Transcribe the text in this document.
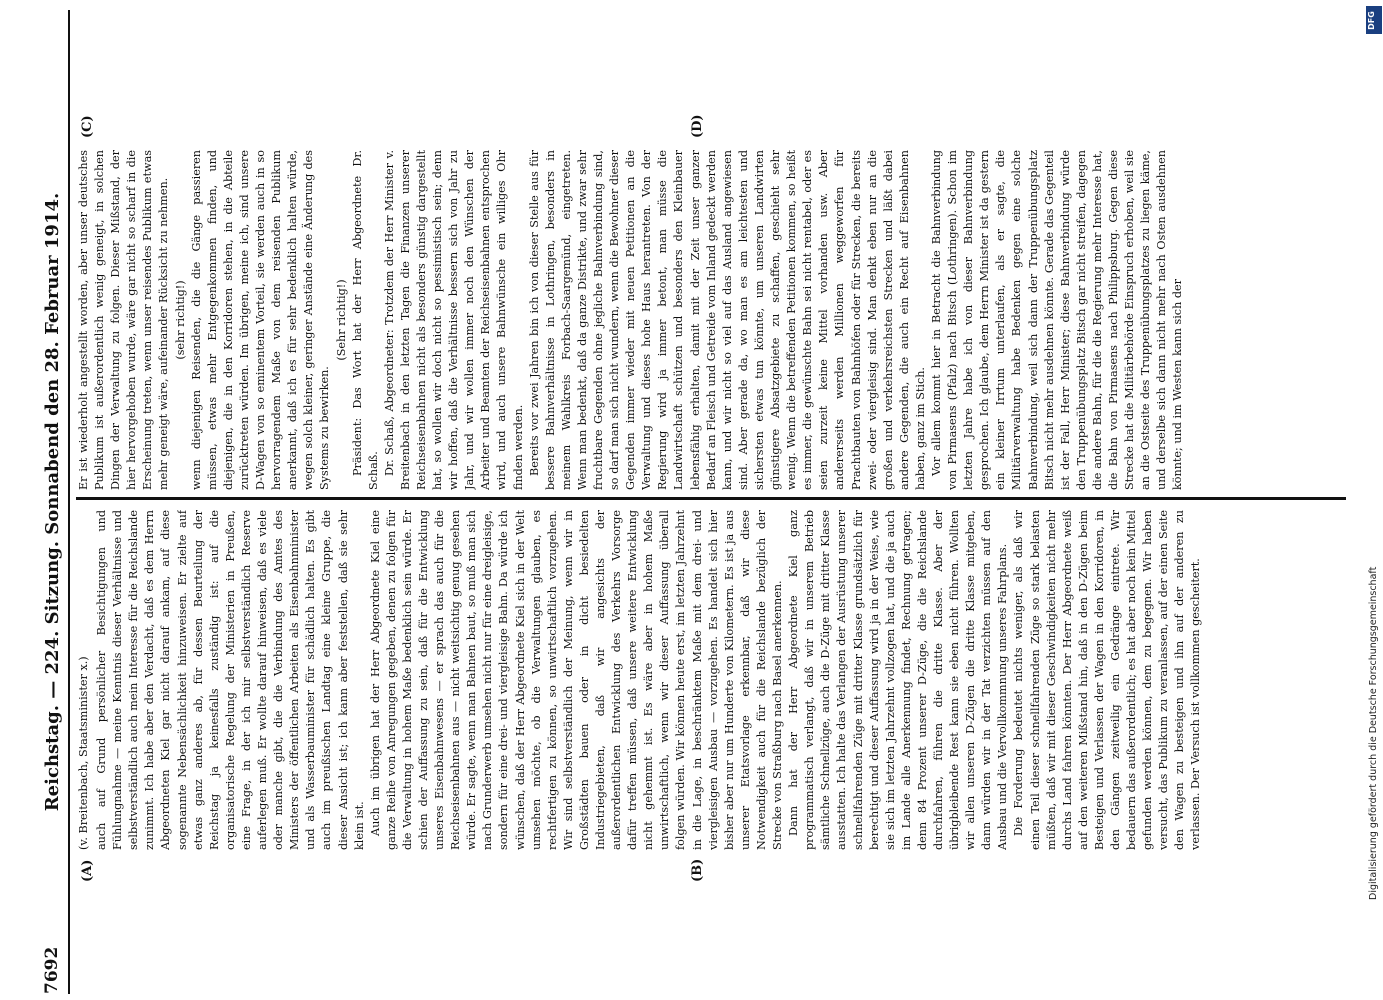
7692
Reichstag. — 224. Sitzung. Sonnabend den 28. Februar 1914.
(A)	(B)
(C)	(D)
(v. Breitenbach, Staatsminister x.) auch auf Grund persönlicher Besichtigungen und Fühlungnahme — meine Kenntnis dieser Verhältnisse und selbstverständlich auch mein Interesse für die Reichslande zunimmt. Ich habe aber den Verdacht, daß es dem Herrn Abgeordneten Kiel gar nicht darauf ankam, auf diese sogenannte Nebensächlichkeit hinzuweisen. Er zielte auf etwas ganz anderes ab, für dessen Beurteilung der Reichstag ja keinesfalls zuständig ist: auf die organisatorische Regelung der Ministerien in Preußen, eine Frage, in der ich mir selbstverständlich Reserve auferlegen muß. Er wollte darauf hinweisen, daß es viele oder manche gibt, die die Verbindung des Amtes des Ministers der öffentlichen Arbeiten als Eisenbahnminister und als Wasserbauminister für schädlich halten. Es gibt auch im preußischen Landtag eine kleine Gruppe, die dieser Ansicht ist; ich kann aber feststellen, daß sie sehr klein ist. Auch im übrigen hat der Herr Abgeordnete Kiel eine ganze Reihe von Anregungen gegeben, denen zu folgen für die Verwaltung in hohem Maße bedenklich sein würde. Er schien der Auffassung zu sein, daß für die Entwicklung unseres Eisenbahnwesens — er sprach das auch für die Reichseisenbahnen aus — nicht weitsichtig genug gesehen würde. Er sagte, wenn man Bahnen baut, so muß man sich nach Grunderwerb umsehen nicht nur für eine dreigleisige, sondern für eine drei- und viergleisige Bahn. Da würde ich wünschen, daß der Herr Abgeordnete Kiel sich in der Welt umsehen möchte, ob die Verwaltungen glauben, es rechtfertigen zu können, so unwirtschaftlich vorzugehen. Wir sind selbstverständlich der Meinung, wenn wir in Großstädten bauen oder in dicht besiedelten Industriegebieten, daß wir angesichts der außerordentlichen Entwicklung des Verkehrs Vorsorge dafür treffen müssen, daß unsere weitere Entwicklung nicht gehemmt ist. Es wäre aber in hohem Maße unwirtschaftlich, wenn wir dieser Auffassung überall folgen würden. Wir können heute erst, im letzten Jahrzehnt in die Lage, in beschränktem Maße mit dem drei- und viergleisigen Ausbau — vorzugehen. Es handelt sich hier bisher aber nur um Hunderte von Kilometern. Es ist ja aus unserer Etatsvorlage erkennbar, daß wir diese Notwendigkeit auch für die Reichslande bezüglich der Strecke von Straßburg nach Basel anerkennen. Dann hat der Herr Abgeordnete Kiel ganz programmatisch verlangt, daß wir in unserem Betrieb sämtliche Schnellzüge, auch die D-Züge mit dritter Klasse ausstatten. Ich halte das Verlangen der Ausrüstung unserer schnellfahrenden Züge mit dritter Klasse grundsätzlich für berechtigt und dieser Auffassung wird ja in der Weise, wie sie sich im letzten Jahrzehnt vollzogen hat, und die ja auch im Lande alle Anerkennung findet, Rechnung getragen; denn 84 Prozent unserer D-Züge, die die Reichslande durchfahren, führen die dritte Klasse. Aber der übrigbleibende Rest kann sie eben nicht führen. Wollten wir allen unseren D-Zügen die dritte Klasse mitgeben, dann würden wir in der Tat verzichten müssen auf den Ausbau und die Vervollkommnung unseres Fahrplans. Die Forderung bedeutet nichts weniger, als daß wir einen Teil dieser schnellfahrenden Züge so stark belasten müßten, daß wir mit dieser Geschwindigkeiten nicht mehr durchs Land fahren könnten. Der Herr Abgeordnete weiß auf den weiteren Mißstand hin, daß in den D-Zügen beim Besteigen und Verlassen der Wagen in den Korridoren, in den Gängen zeitweilig ein Gedränge eintrete. Wir bedauern das außerordentlich; es hat aber noch kein Mittel gefunden werden können, dem zu begegnen. Wir haben versucht, das Publikum zu veranlassen, auf der einen Seite den Wagen zu besteigen und ihn auf der anderen zu verlassen. Der Versuch ist vollkommen gescheitert.

Er ist wiederholt angestellt worden, aber unser deutsches Publikum ist außerordentlich wenig geneigt, in solchen Dingen der Verwaltung zu folgen. Dieser Mißstand, der hier hervorgehoben wurde, wäre gar nicht so scharf in die Erscheinung treten, wenn unser reisendes Publikum etwas mehr geneigt wäre, aufeinander Rücksicht zu nehmen. (sehr richtig!) wenn diejenigen Reisenden, die die Gänge passieren müssen, etwas mehr Entgegenkommen finden, und diejenigen, die in den Korridoren stehen, in die Abteile zurücktreten würden. Im übrigen, meine ich, sind unsere D-Wagen von so eminentem Vorteil, sie werden auch in so hervorragendem Maße von dem reisenden Publikum anerkannt, daß ich es für sehr bedenklich halten würde, wegen solch kleiner, geringer Anstände eine Änderung des Systems zu bewirken.

(Sehr richtig!) Präsident: Das Wort hat der Herr Abgeordnete Dr. Schaß. Dr. Schaß, Abgeordneter: Trotzdem der Herr Minister v. Breitenbach in den letzten Tagen die Finanzen unserer Reichseisenbahnen nicht als besonders günstig dargestellt hat, so wollen wir doch nicht so pessimistisch sein; denn wir hoffen, daß die Verhältnisse bessern sich von Jahr zu Jahr, und wir wollen immer noch den Wünschen der Arbeiter und Beamten der Reichseisenbahnen entsprochen wird, und auch unsere Bahnwünsche ein williges Ohr finden werden. Bereits vor zwei Jahren bin ich von dieser Stelle aus für bessere Bahnverhältnisse in Lothringen, besonders in meinem Wahlkreis Forbach-Saargemünd, eingetreten. Wenn man bedenkt, daß da ganze Distrikte, und zwar sehr fruchtbare Gegenden ohne jegliche Bahnverbindung sind, so darf man sich nicht wundern, wenn die Bewohner dieser Gegenden immer wieder mit neuen Petitionen an die Verwaltung und dieses hohe Haus herantreten. Von der Regierung wird ja immer betont, man müsse die Landwirtschaft schützen und besonders den Kleinbauer lebensfähig erhalten, damit mit der Zeit unser ganzer Bedarf an Fleisch und Getreide vom Inland gedeckt werden kann, und wir nicht so viel auf das Ausland angewiesen sind. Aber gerade da, wo man es am leichtesten und sichersten etwas tun könnte, um unseren Landwirten günstigere Absatzgebiete zu schaffen, geschieht sehr wenig. Wenn die betreffenden Petitionen kommen, so heißt es immer, die gewünschte Bahn sei nicht rentabel, oder es seien zurzeit keine Mittel vorhanden usw. Aber andererseits werden Millionen weggeworfen für Prachtbauten von Bahnhöfen oder für Strecken, die bereits zwei- oder viergleisig sind. Man denkt eben nur an die großen und verkehrsreichsten Strecken und läßt dabei andere Gegenden, die auch ein Recht auf Eisenbahnen haben, ganz im Stich. Vor allem kommt hier in Betracht die Bahnverbindung von Pirmasens (Pfalz) nach Bitsch (Lothringen). Schon im letzten Jahre habe ich von dieser Bahnverbindung gesprochen. Ich glaube, dem Herrn Minister ist da gestern ein kleiner Irrtum unterlaufen, als er sagte, die Militärverwaltung habe Bedenken gegen eine solche Bahnverbindung, weil sich dann der Truppenübungsplatz Bitsch nicht mehr ausdehnen könnte. Gerade das Gegenteil ist der Fall, Herr Minister; diese Bahnverbindung würde den Truppenübungsplatz Bitsch gar nicht streifen, dagegen die andere Bahn, für die die Regierung mehr Interesse hat, die Bahn von Pirmasens nach Philippsburg. Gegen diese Strecke hat die Militärbehörde Einspruch erhoben, weil sie an die Ostseite des Truppenübungsplatzes zu liegen käme, und derselbe sich dann nicht mehr nach Osten ausdehnen könnte; und im Westen kann sich der

DFG
Digitalisierung gefördert durch die Deutsche Forschungsgemeinschaft
